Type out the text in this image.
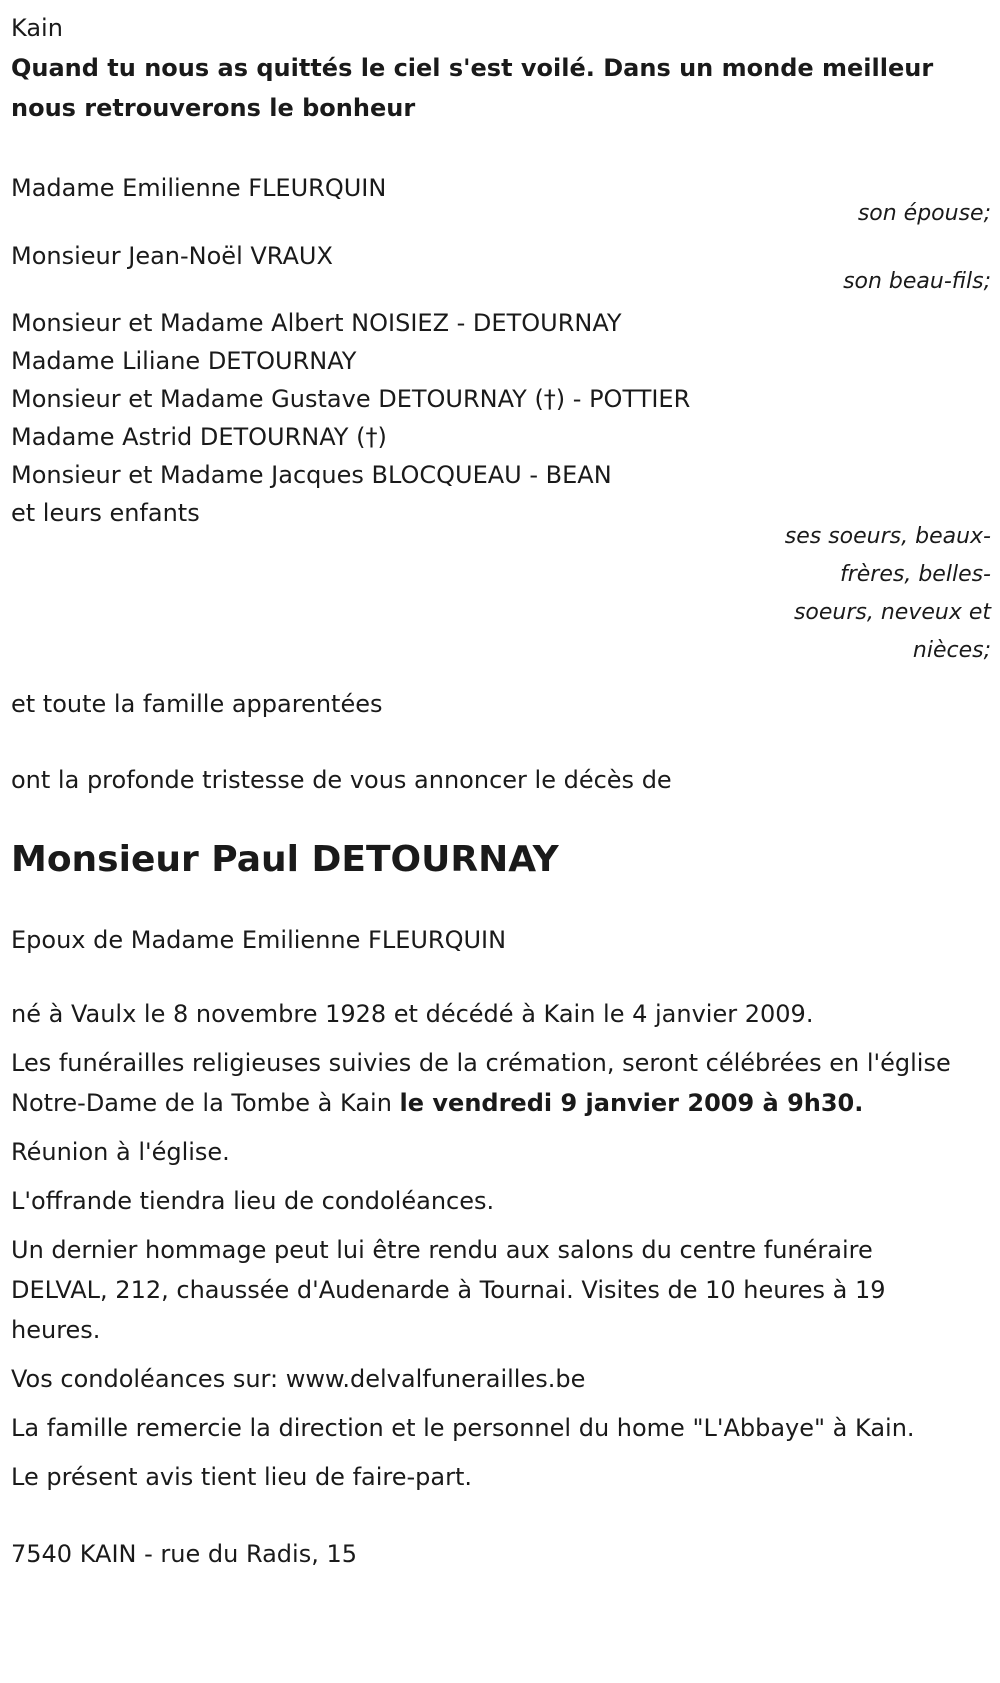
Kain
Quand tu nous as quittés le ciel s'est voilé. Dans un monde meilleur nous retrouverons le bonheur
Madame Emilienne FLEURQUIN
son épouse;
Monsieur Jean-Noël VRAUX
son beau-fils;
Monsieur et Madame Albert NOISIEZ - DETOURNAY
Madame Liliane DETOURNAY
Monsieur et Madame Gustave DETOURNAY (†) - POTTIER
Madame Astrid DETOURNAY (†)
Monsieur et Madame Jacques BLOCQUEAU - BEAN
et leurs enfants
ses soeurs, beaux-frères, belles-soeurs, neveux et nièces;
et toute la famille apparentées
ont la profonde tristesse de vous annoncer le décès de
Monsieur Paul DETOURNAY
Epoux de Madame Emilienne FLEURQUIN
né à Vaulx le 8 novembre 1928 et décédé à Kain le 4 janvier 2009.
Les funérailles religieuses suivies de la crémation, seront célébrées en l'église Notre-Dame de la Tombe à Kain le vendredi 9 janvier 2009 à 9h30.
Réunion à l'église.
L'offrande tiendra lieu de condoléances.
Un dernier hommage peut lui être rendu aux salons du centre funéraire DELVAL, 212, chaussée d'Audenarde à Tournai. Visites de 10 heures à 19 heures.
Vos condoléances sur: www.delvalfunerailles.be
La famille remercie la direction et le personnel du home "L'Abbaye" à Kain.
Le présent avis tient lieu de faire-part.
7540 KAIN - rue du Radis, 15
